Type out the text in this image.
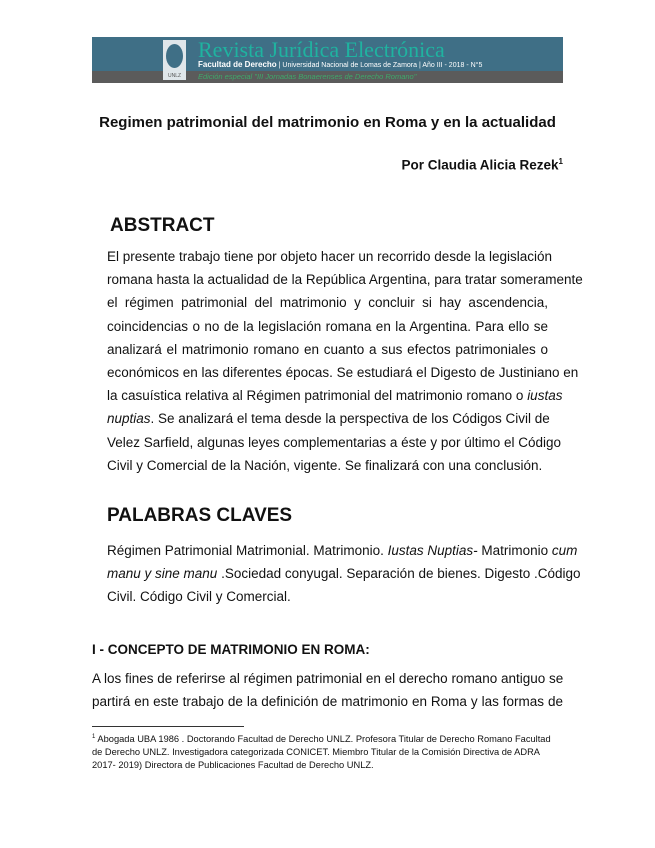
UNLZ
Revista Jurídica Electrónica
Facultad de Derecho | Universidad Nacional de Lomas de Zamora | Año III - 2018 - N°5
Edición especial "III Jornadas Bonaerenses de Derecho Romano"
Regimen patrimonial del matrimonio en Roma y en la actualidad
Por Claudia Alicia Rezek$^1$
ABSTRACT
El presente trabajo tiene por objeto hacer un recorrido desde la legislación
romana hasta la actualidad de la República Argentina, para tratar someramente
el régimen patrimonial del matrimonio y concluir si hay ascendencia,
coincidencias o no de la legislación romana en la Argentina. Para ello se
analizará el matrimonio romano en cuanto a sus efectos patrimoniales o
económicos en las diferentes épocas. Se estudiará el Digesto de Justiniano en
la casuística relativa al Régimen patrimonial del matrimonio romano o iustas
nuptias. Se analizará el tema desde la perspectiva de los Códigos Civil de
Velez Sarfield, algunas leyes complementarias a éste y por último el Código
Civil y Comercial de la Nación, vigente. Se finalizará con una conclusión.
PALABRAS CLAVES
Régimen Patrimonial Matrimonial. Matrimonio. Iustas Nuptias- Matrimonio cum
manu y sine manu .Sociedad conyugal. Separación de bienes. Digesto .Código
Civil. Código Civil y Comercial.
I - CONCEPTO DE MATRIMONIO EN ROMA:
A los fines de referirse al régimen patrimonial en el derecho romano antiguo se
partirá en este trabajo de la definición de matrimonio en Roma y las formas de
$^1$ Abogada UBA 1986 . Doctorando Facultad de Derecho UNLZ. Profesora Titular de Derecho Romano Facultad de Derecho UNLZ. Investigadora categorizada CONICET. Miembro Titular de la Comisión Directiva de ADRA 2017- 2019) Directora de Publicaciones Facultad de Derecho UNLZ.
